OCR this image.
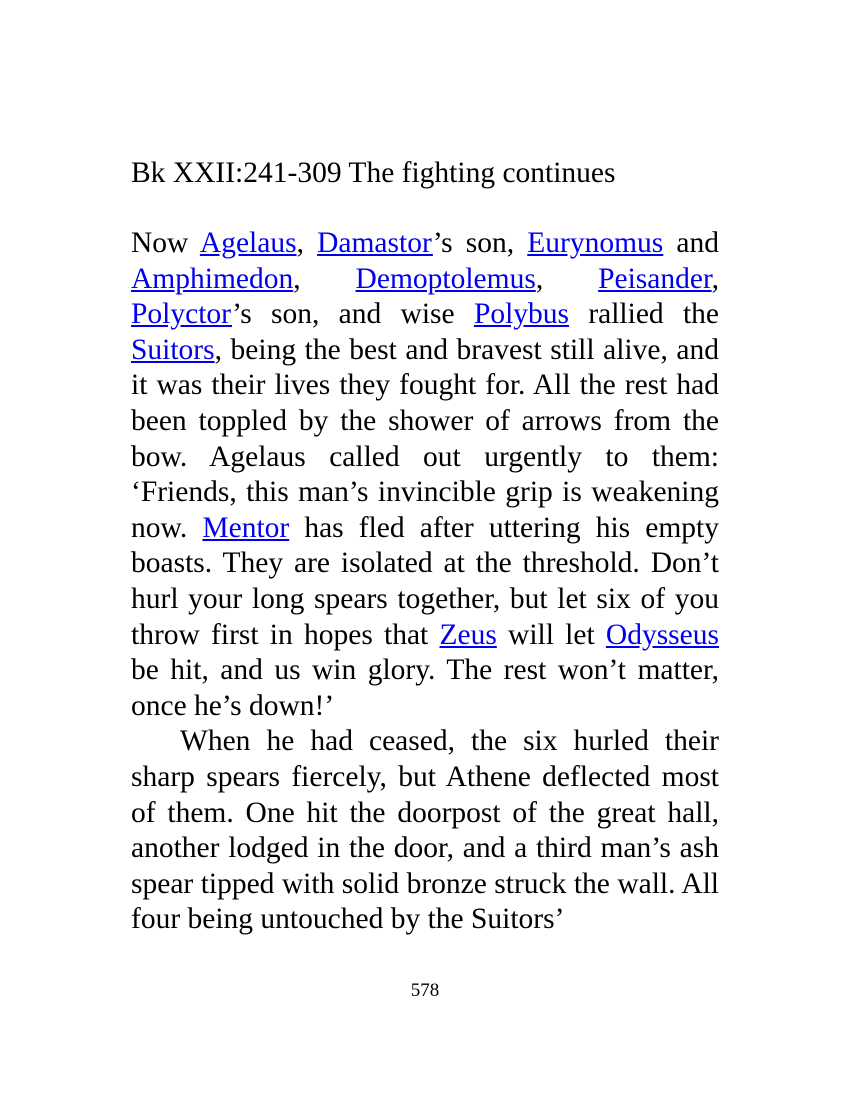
Bk XXII:241-309 The fighting continues

Now Agelaus, Damastor’s son, Eurynomus and Amphimedon, Demoptolemus, Peisander, Polyctor’s son, and wise Polybus rallied the Suitors, being the best and bravest still alive, and it was their lives they fought for. All the rest had been toppled by the shower of arrows from the bow. Agelaus called out urgently to them: ‘Friends, this man’s invincible grip is weakening now. Mentor has fled after uttering his empty boasts. They are isolated at the threshold. Don’t hurl your long spears together, but let six of you throw first in hopes that Zeus will let Odysseus be hit, and us win glory. The rest won’t matter, once he’s down!’

When he had ceased, the six hurled their sharp spears fiercely, but Athene deflected most of them. One hit the doorpost of the great hall, another lodged in the door, and a third man’s ash spear tipped with solid bronze struck the wall. All four being untouched by the Suitors’

578
